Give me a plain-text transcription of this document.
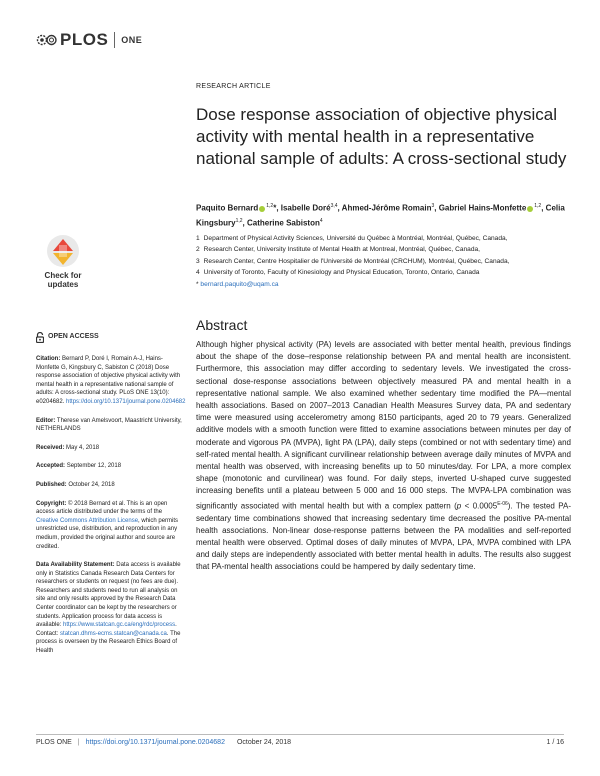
PLOS ONE
Check for updates
OPEN ACCESS
Citation: Bernard P, Doré I, Romain A-J, Hains-Monfette G, Kingsbury C, Sabiston C (2018) Dose response association of objective physical activity with mental health in a representative national sample of adults: A cross-sectional study. PLoS ONE 13(10): e0204682. https://doi.org/10.1371/journal.pone.0204682
Editor: Therese van Amelsvoort, Maastricht University, NETHERLANDS
Received: May 4, 2018
Accepted: September 12, 2018
Published: October 24, 2018
Copyright: © 2018 Bernard et al. This is an open access article distributed under the terms of the Creative Commons Attribution License, which permits unrestricted use, distribution, and reproduction in any medium, provided the original author and source are credited.
Data Availability Statement: Data access is available only in Statistics Canada Research Data Centers for researchers or students on request (no fees are due). Researchers and students need to run all analysis on site and only results approved by the Research Data Center coordinator can be kept by the researchers or students. Application process for data access is available: https://www.statcan.gc.ca/eng/rdc/process. Contact: statcan.dhms-ecms.statcan@canada.ca. The process is overseen by the Research Ethics Board of Health
RESEARCH ARTICLE
Dose response association of objective physical activity with mental health in a representative national sample of adults: A cross-sectional study
Paquito Bernard $^{1,2}$*, Isabelle Doré$^{3,4}$, Ahmed-Jérôme Romain$^3$, Gabriel Hains-Monfette $^{1,2}$, Celia Kingsbury$^{1,2}$, Catherine Sabiston$^4$
1 Department of Physical Activity Sciences, Université du Québec à Montréal, Montréal, Québec, Canada,
2 Research Center, University Institute of Mental Health at Montreal, Montréal, Québec, Canada,
3 Research Center, Centre Hospitalier de l'Université de Montréal (CRCHUM), Montréal, Québec, Canada,
4 University of Toronto, Faculty of Kinesiology and Physical Education, Toronto, Ontario, Canada
* bernard.paquito@uqam.ca
Abstract

Although higher physical activity (PA) levels are associated with better mental health, previous findings about the shape of the dose–response relationship between PA and mental health are inconsistent. Furthermore, this association may differ according to sedentary levels. We investigated the cross-sectional dose-response associations between objectively measured PA and mental health in a representative national sample. We also examined whether sedentary time modified the PA—mental health associations. Based on 2007–2013 Canadian Health Measures Survey data, PA and sedentary time were measured using accelerometry among 8150 participants, aged 20 to 79 years. Generalized additive models with a smooth function were fitted to examine associations between minutes per day of moderate and vigorous PA (MVPA), light PA (LPA), daily steps (combined or not with sedentary time) and self-rated mental health. A significant curvilinear relationship between average daily minutes of MVPA and mental health was observed, with increasing benefits up to 50 minutes/day. For LPA, a more complex shape (monotonic and curvilinear) was found. For daily steps, inverted U-shaped curve suggested increasing benefits until a plateau between 5 000 and 16 000 steps. The MVPA-LPA combination was significantly associated with mental health but with a complex pattern $(p < 0.0005^{E-06})$. The tested PA-sedentary time combinations showed that increasing sedentary time decreased the positive PA-mental health associations. Non-linear dose-response patterns between the PA modalities and self-reported mental health were observed. Optimal doses of daily minutes of MVPA, LPA, MVPA combined with LPA and daily steps are independently associated with better mental health in adults. The results also suggest that PA-mental health associations could be hampered by daily sedentary time.

PLOS ONE | https://doi.org/10.1371/journal.pone.0204682 October 24, 2018	1 / 16
